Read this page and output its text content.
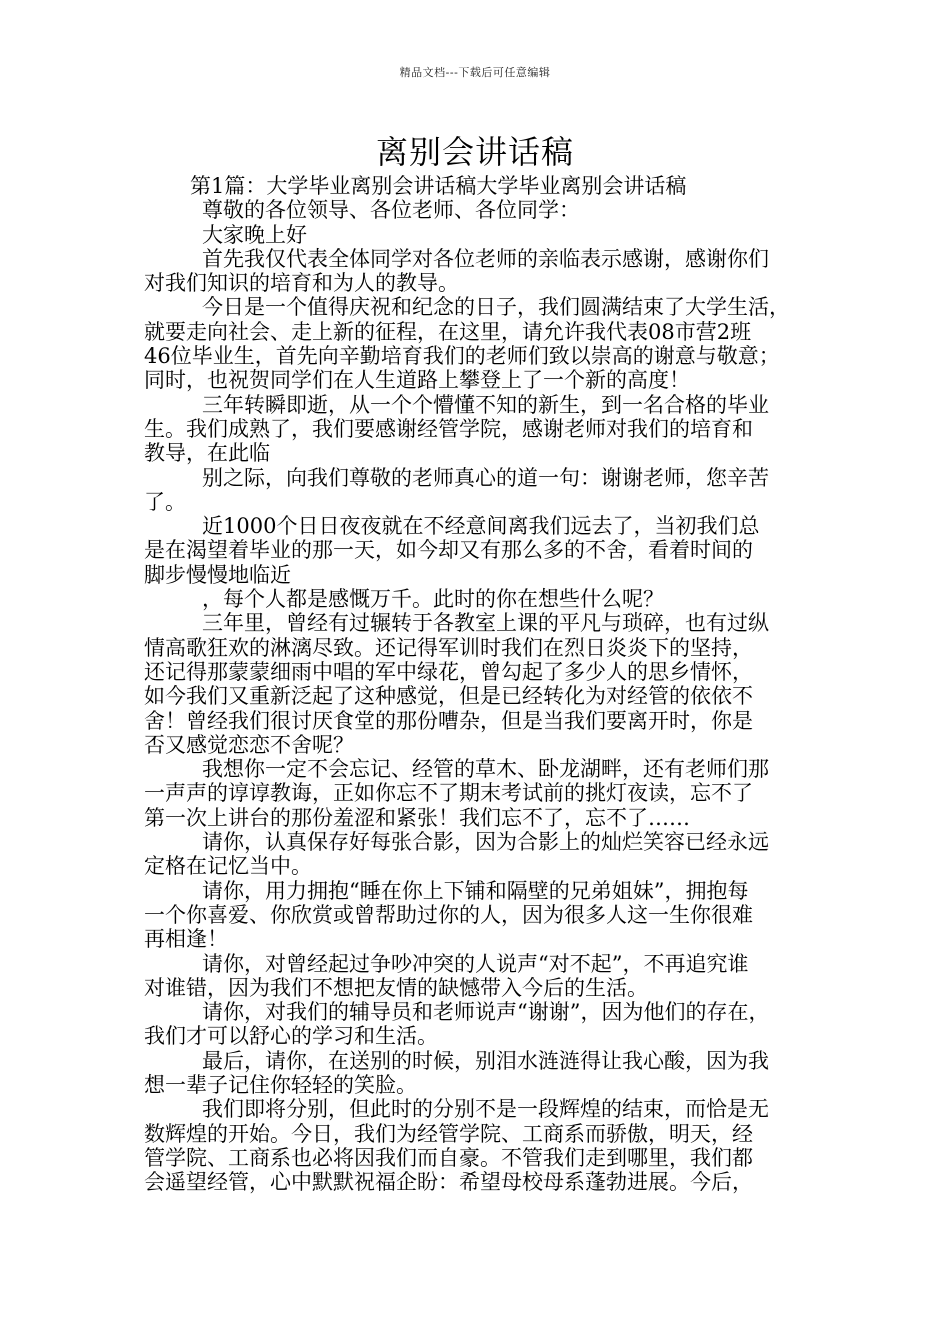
精品文档---下载后可任意编辑
离别会讲话稿

第1篇：大学毕业离别会讲话稿大学毕业离别会讲话稿

尊敬的各位领导、各位老师、各位同学：

大家晚上好

首先我仅代表全体同学对各位老师的亲临表示感谢，感谢你们

对我们知识的培育和为人的教导。

今日是一个值得庆祝和纪念的日子，我们圆满结束了大学生活，

就要走向社会、走上新的征程，在这里，请允许我代表08市营2班

46位毕业生，首先向辛勤培育我们的老师们致以崇高的谢意与敬意；

同时，也祝贺同学们在人生道路上攀登上了一个新的高度！

三年转瞬即逝，从一个个懵懂不知的新生，到一名合格的毕业

生。我们成熟了，我们要感谢经管学院，感谢老师对我们的培育和

教导，在此临

别之际，向我们尊敬的老师真心的道一句：谢谢老师，您辛苦

了。

近1000个日日夜夜就在不经意间离我们远去了，当初我们总

是在渴望着毕业的那一天，如今却又有那么多的不舍，看着时间的

脚步慢慢地临近

，每个人都是感慨万千。此时的你在想些什么呢？

三年里，曾经有过辗转于各教室上课的平凡与琐碎，也有过纵

情高歌狂欢的淋漓尽致。还记得军训时我们在烈日炎炎下的坚持，

还记得那蒙蒙细雨中唱的军中绿花，曾勾起了多少人的思乡情怀，

如今我们又重新泛起了这种感觉，但是已经转化为对经管的依依不

舍！曾经我们很讨厌食堂的那份嘈杂，但是当我们要离开时，你是

否又感觉恋恋不舍呢？

我想你一定不会忘记、经管的草木、卧龙湖畔，还有老师们那

一声声的谆谆教诲，正如你忘不了期末考试前的挑灯夜读，忘不了

第一次上讲台的那份羞涩和紧张！我们忘不了，忘不了……

请你，认真保存好每张合影，因为合影上的灿烂笑容已经永远

定格在记忆当中。

请你，用力拥抱“睡在你上下铺和隔壁的兄弟姐妹”，拥抱每

一个你喜爱、你欣赏或曾帮助过你的人，因为很多人这一生你很难

再相逢！

请你，对曾经起过争吵冲突的人说声“对不起”，不再追究谁

对谁错，因为我们不想把友情的缺憾带入今后的生活。

请你，对我们的辅导员和老师说声“谢谢”，因为他们的存在，

我们才可以舒心的学习和生活。

最后，请你，在送别的时候，别泪水涟涟得让我心酸，因为我

想一辈子记住你轻轻的笑脸。

我们即将分别，但此时的分别不是一段辉煌的结束，而恰是无

数辉煌的开始。今日，我们为经管学院、工商系而骄傲，明天，经

管学院、工商系也必将因我们而自豪。不管我们走到哪里，我们都

会遥望经管，心中默默祝福企盼：希望母校母系蓬勃进展。今后，
